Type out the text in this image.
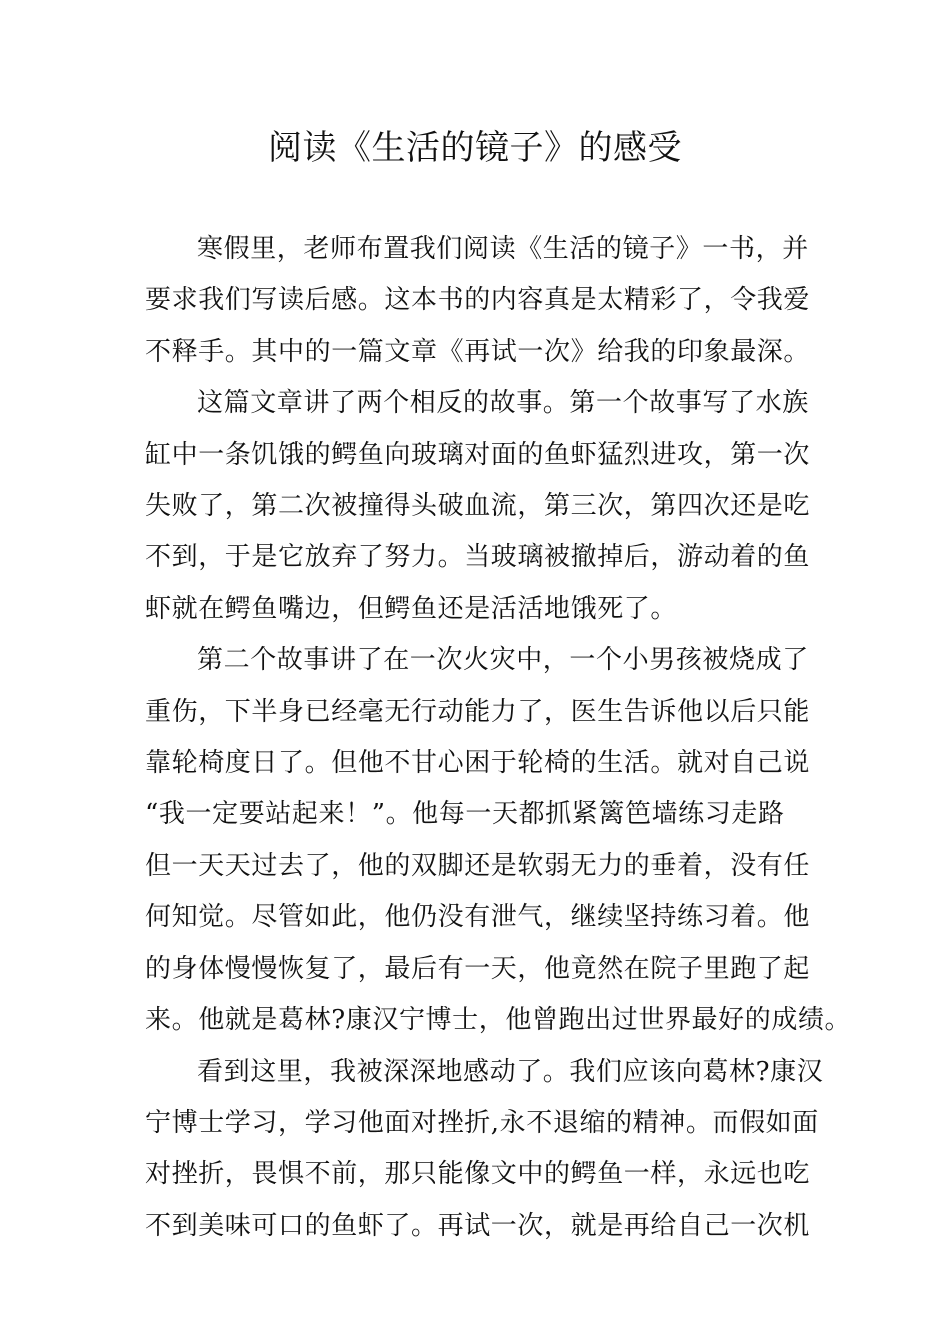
阅读《生活的镜子》的感受

寒假里，老师布置我们阅读《生活的镜子》一书，并
要求我们写读后感。这本书的内容真是太精彩了，令我爱
不释手。其中的一篇文章《再试一次》给我的印象最深。

这篇文章讲了两个相反的故事。第一个故事写了水族
缸中一条饥饿的鳄鱼向玻璃对面的鱼虾猛烈进攻，第一次
失败了，第二次被撞得头破血流，第三次，第四次还是吃
不到，于是它放弃了努力。当玻璃被撤掉后，游动着的鱼
虾就在鳄鱼嘴边，但鳄鱼还是活活地饿死了。

第二个故事讲了在一次火灾中，一个小男孩被烧成了
重伤，下半身已经毫无行动能力了，医生告诉他以后只能
靠轮椅度日了。但他不甘心困于轮椅的生活。就对自己说
“我一定要站起来！”。他每一天都抓紧篱笆墙练习走路
但一天天过去了，他的双脚还是软弱无力的垂着，没有任
何知觉。尽管如此，他仍没有泄气，继续坚持练习着。他
的身体慢慢恢复了，最后有一天，他竟然在院子里跑了起
来。他就是葛林?康汉宁博士，他曾跑出过世界最好的成绩。

看到这里，我被深深地感动了。我们应该向葛林?康汉
宁博士学习，学习他面对挫折,永不退缩的精神。而假如面
对挫折，畏惧不前，那只能像文中的鳄鱼一样，永远也吃
不到美味可口的鱼虾了。再试一次，就是再给自己一次机
